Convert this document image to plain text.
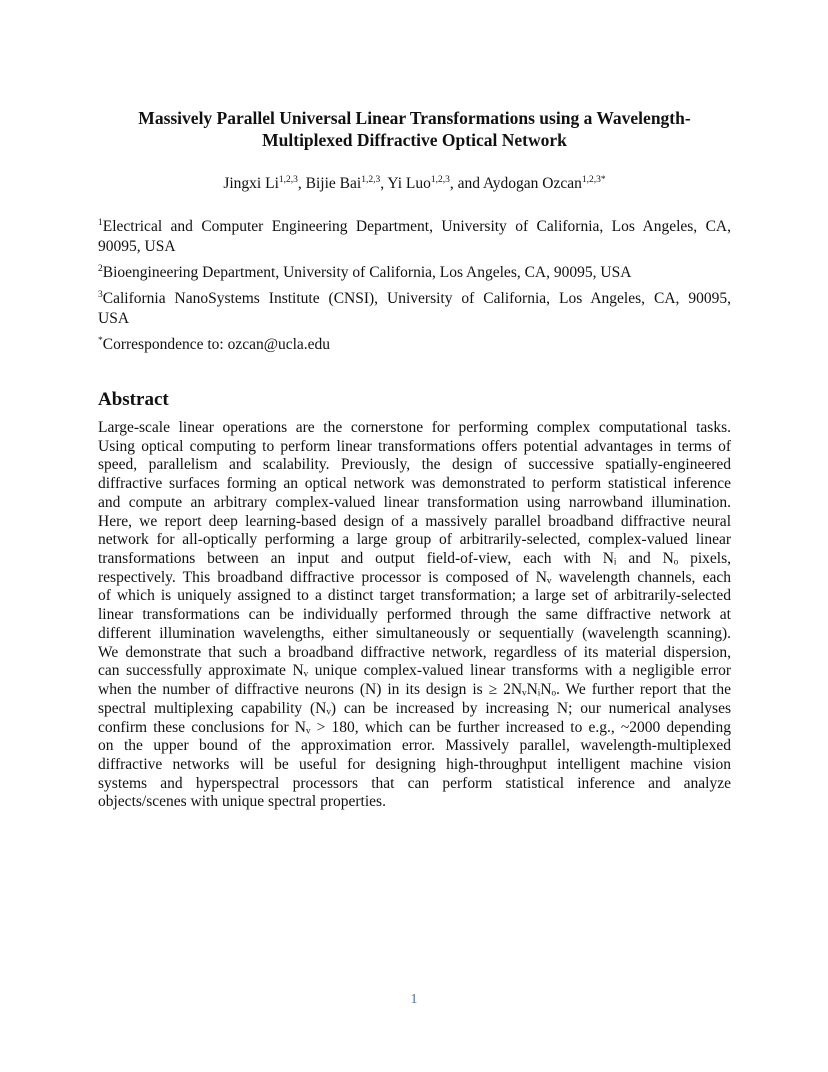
Massively Parallel Universal Linear Transformations using a Wavelength-
Multiplexed Diffractive Optical Network
Jingxi Li$^{1,2,3}$, Bijie Bai$^{1,2,3}$, Yi Luo$^{1,2,3}$, and Aydogan Ozcan$^{1,2,3*}$
$^1$Electrical and Computer Engineering Department, University of California, Los Angeles, CA,
90095, USA
$^2$Bioengineering Department, University of California, Los Angeles, CA, 90095, USA
$^3$California NanoSystems Institute (CNSI), University of California, Los Angeles, CA, 90095,
USA
*Correspondence to: ozcan@ucla.edu
Abstract
Large-scale linear operations are the cornerstone for performing complex computational tasks.
Using optical computing to perform linear transformations offers potential advantages in terms of
speed, parallelism and scalability. Previously, the design of successive spatially-engineered
diffractive surfaces forming an optical network was demonstrated to perform statistical inference
and compute an arbitrary complex-valued linear transformation using narrowband illumination.
Here, we report deep learning-based design of a massively parallel broadband diffractive neural
network for all-optically performing a large group of arbitrarily-selected, complex-valued linear
transformations between an input and output field-of-view, each with Nᵢ and Nₒ pixels,
respectively. This broadband diffractive processor is composed of Nᵥ wavelength channels, each
of which is uniquely assigned to a distinct target transformation; a large set of arbitrarily-selected
linear transformations can be individually performed through the same diffractive network at
different illumination wavelengths, either simultaneously or sequentially (wavelength scanning).
We demonstrate that such a broadband diffractive network, regardless of its material dispersion,
can successfully approximate Nᵥ unique complex-valued linear transforms with a negligible error
when the number of diffractive neurons (N) in its design is ≥ 2NᵥNᵢNₒ. We further report that the
spectral multiplexing capability (Nᵥ) can be increased by increasing N; our numerical analyses
confirm these conclusions for Nᵥ > 180, which can be further increased to e.g., ~2000 depending
on the upper bound of the approximation error. Massively parallel, wavelength-multiplexed
diffractive networks will be useful for designing high-throughput intelligent machine vision
systems and hyperspectral processors that can perform statistical inference and analyze
objects/scenes with unique spectral properties.
1
